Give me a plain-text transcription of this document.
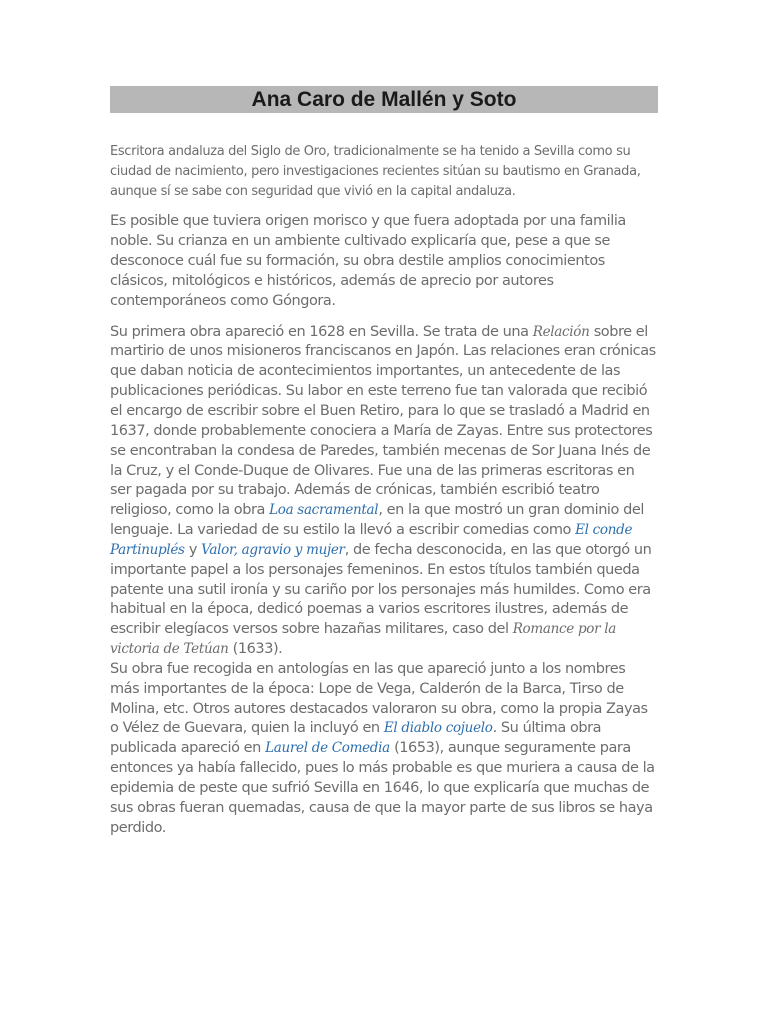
Ana Caro de Mallén y Soto

Escritora andaluza del Siglo de Oro, tradicionalmente se ha tenido a Sevilla como su ciudad de nacimiento, pero investigaciones recientes sitúan su bautismo en Granada, aunque sí se sabe con seguridad que vivió en la capital andaluza.

Es posible que tuviera origen morisco y que fuera adoptada por una familia noble. Su crianza en un ambiente cultivado explicaría que, pese a que se desconoce cuál fue su formación, su obra destile amplios conocimientos clásicos, mitológicos e históricos, además de aprecio por autores contemporáneos como Góngora.

Su primera obra apareció en 1628 en Sevilla. Se trata de una Relación sobre el martirio de unos misioneros franciscanos en Japón. Las relaciones eran crónicas que daban noticia de acontecimientos importantes, un antecedente de las publicaciones periódicas. Su labor en este terreno fue tan valorada que recibió el encargo de escribir sobre el Buen Retiro, para lo que se trasladó a Madrid en 1637, donde probablemente conociera a María de Zayas. Entre sus protectores se encontraban la condesa de Paredes, también mecenas de Sor Juana Inés de la Cruz, y el Conde-Duque de Olivares. Fue una de las primeras escritoras en ser pagada por su trabajo. Además de crónicas, también escribió teatro religioso, como la obra Loa sacramental, en la que mostró un gran dominio del lenguaje. La variedad de su estilo la llevó a escribir comedias como El conde Partinuplés y Valor, agravio y mujer, de fecha desconocida, en las que otorgó un importante papel a los personajes femeninos. En estos títulos también queda patente una sutil ironía y su cariño por los personajes más humildes. Como era habitual en la época, dedicó poemas a varios escritores ilustres, además de escribir elegíacos versos sobre hazañas militares, caso del Romance por la victoria de Tetúan (1633).
Su obra fue recogida en antologías en las que apareció junto a los nombres más importantes de la época: Lope de Vega, Calderón de la Barca, Tirso de Molina, etc. Otros autores destacados valoraron su obra, como la propia Zayas o Vélez de Guevara, quien la incluyó en El diablo cojuelo. Su última obra publicada apareció en Laurel de Comedia (1653), aunque seguramente para entonces ya había fallecido, pues lo más probable es que muriera a causa de la epidemia de peste que sufrió Sevilla en 1646, lo que explicaría que muchas de sus obras fueran quemadas, causa de que la mayor parte de sus libros se haya perdido.
